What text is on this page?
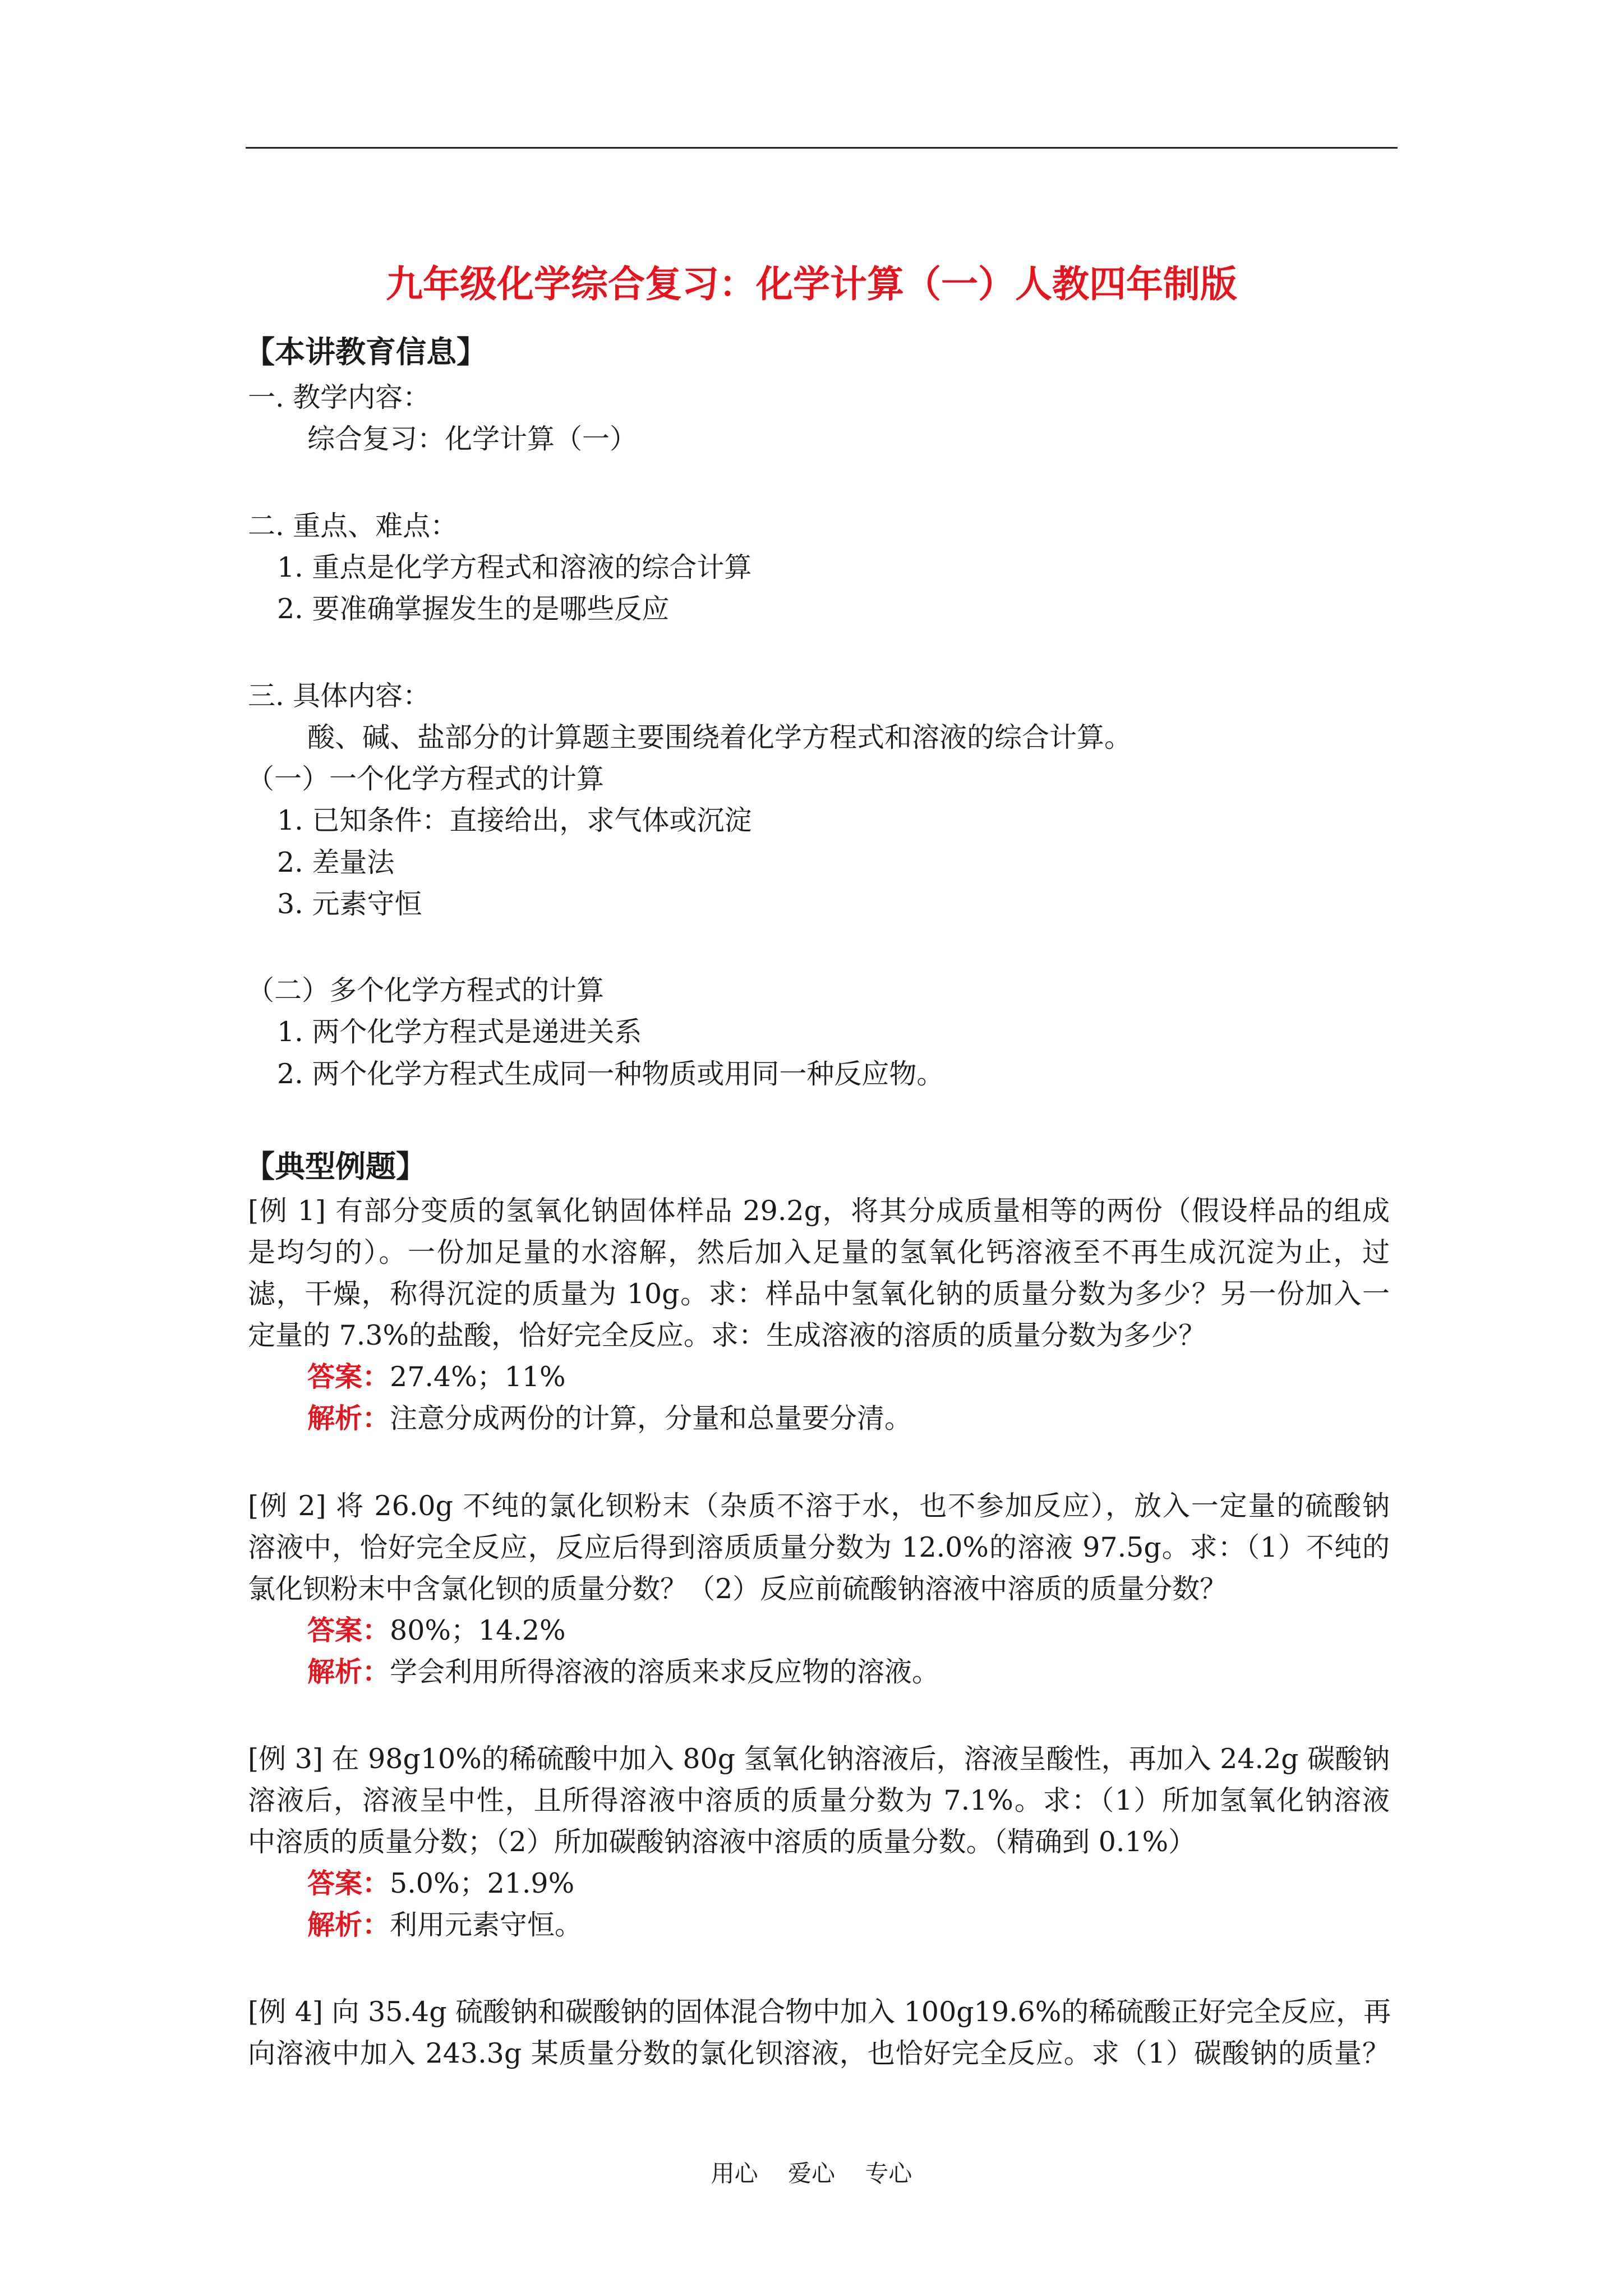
九年级化学综合复习：化学计算（一）人教四年制版
【本讲教育信息】
一. 教学内容：
综合复习：化学计算（一）
二. 重点、难点：
1. 重点是化学方程式和溶液的综合计算
2. 要准确掌握发生的是哪些反应
三. 具体内容：
酸、碱、盐部分的计算题主要围绕着化学方程式和溶液的综合计算。
（一）一个化学方程式的计算
1. 已知条件：直接给出，求气体或沉淀
2. 差量法
3. 元素守恒
（二）多个化学方程式的计算
1. 两个化学方程式是递进关系
2. 两个化学方程式生成同一种物质或用同一种反应物。
【典型例题】
[例 1] 有部分变质的氢氧化钠固体样品 29.2g，将其分成质量相等的两份（假设样品的组成
是均匀的）。一份加足量的水溶解，然后加入足量的氢氧化钙溶液至不再生成沉淀为止，过
滤，干燥，称得沉淀的质量为 10g。求：样品中氢氧化钠的质量分数为多少？另一份加入一
定量的 7.3%的盐酸，恰好完全反应。求：生成溶液的溶质的质量分数为多少？
答案：27.4%；11%
解析：注意分成两份的计算，分量和总量要分清。
[例 2] 将 26.0g 不纯的氯化钡粉末（杂质不溶于水，也不参加反应），放入一定量的硫酸钠
溶液中，恰好完全反应，反应后得到溶质质量分数为 12.0%的溶液 97.5g。求：（1）不纯的
氯化钡粉末中含氯化钡的质量分数？（2）反应前硫酸钠溶液中溶质的质量分数？
答案：80%；14.2%
解析：学会利用所得溶液的溶质来求反应物的溶液。
[例 3] 在 98g10%的稀硫酸中加入 80g 氢氧化钠溶液后，溶液呈酸性，再加入 24.2g 碳酸钠
溶液后，溶液呈中性，且所得溶液中溶质的质量分数为 7.1%。求：（1）所加氢氧化钠溶液
中溶质的质量分数；（2）所加碳酸钠溶液中溶质的质量分数。（精确到 0.1%）
答案：5.0%；21.9%
解析：利用元素守恒。
[例 4] 向 35.4g 硫酸钠和碳酸钠的固体混合物中加入 100g19.6%的稀硫酸正好完全反应，再
向溶液中加入 243.3g 某质量分数的氯化钡溶液，也恰好完全反应。求（1）碳酸钠的质量？
用心    爱心    专心
